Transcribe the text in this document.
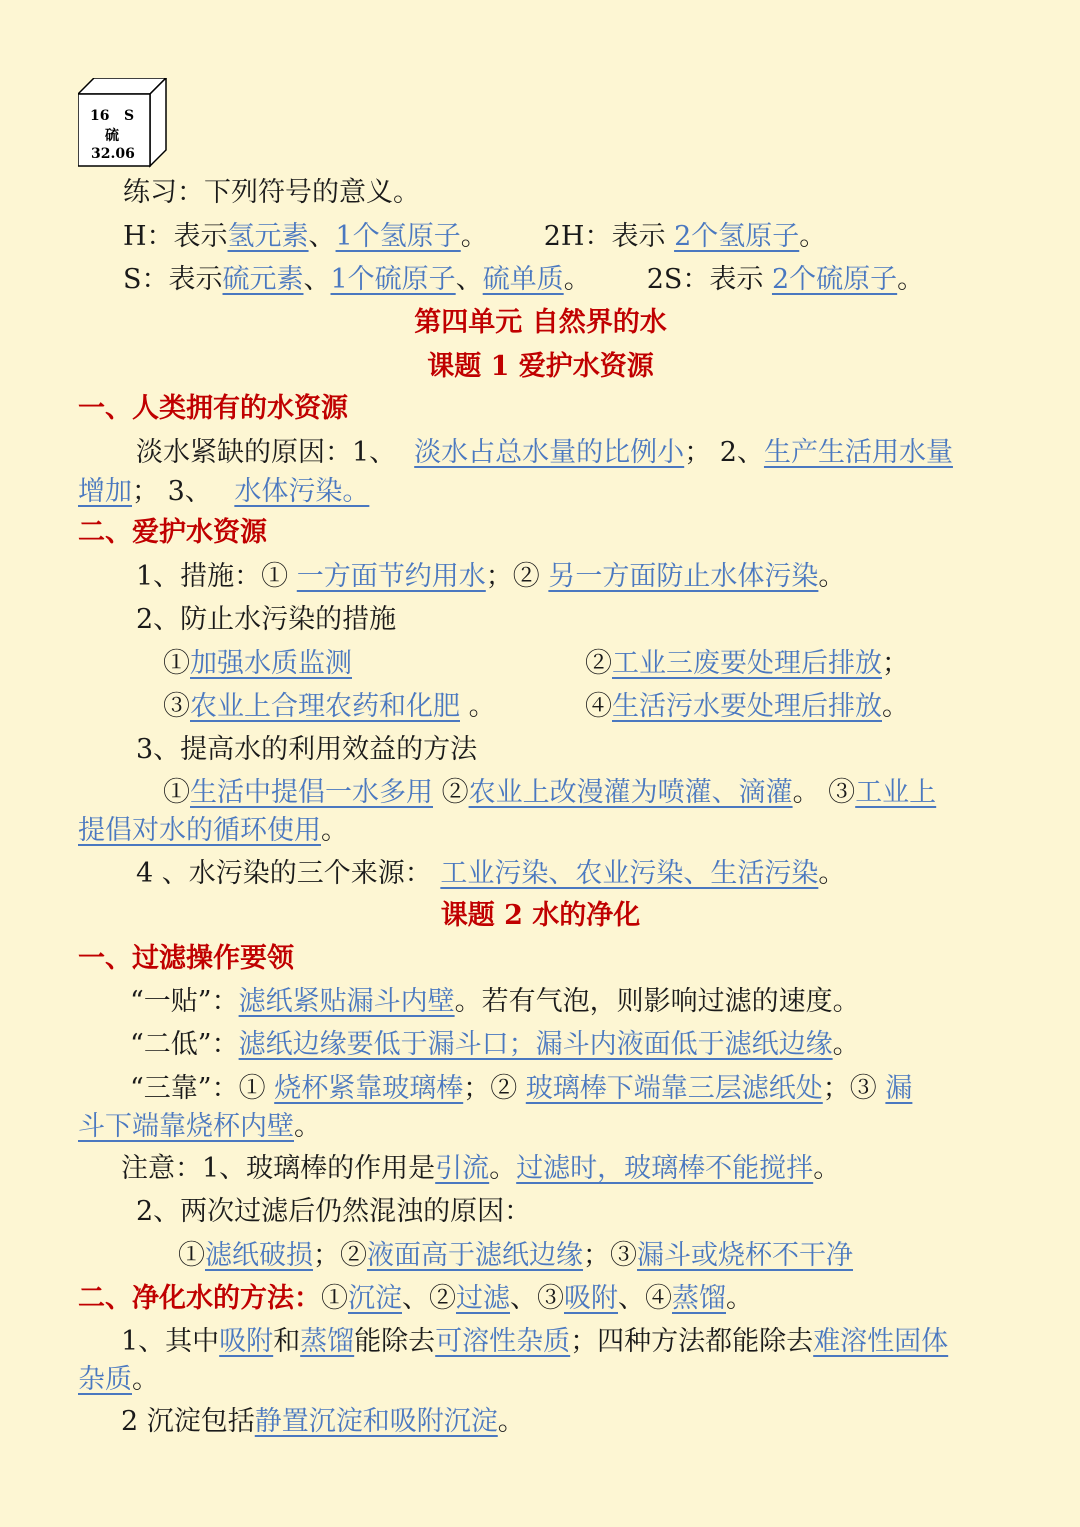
16 S
硫
32.06
练习：下列符号的意义。
H：表示氢元素、1个氢原子。 2H：表示 2个氢原子。
S：表示硫元素、1个硫原子、硫单质。 2S：表示 2个硫原子。
第四单元 自然界的水
课题 1 爱护水资源
一、人类拥有的水资源
淡水紧缺的原因：1、 淡水占总水量的比例小； 2、生产生活用水量
增加； 3、 水体污染。
二、爱护水资源
1、措施：① 一方面节约用水；② 另一方面防止水体污染。
2、防止水污染的措施
①加强水质监测	②工业三废要处理后排放；
③农业上合理农药和化肥 。	④生活污水要处理后排放。
3、提高水的利用效益的方法
①生活中提倡一水多用 ②农业上改漫灌为喷灌、滴灌。 ③工业上
提倡对水的循环使用。
4 、水污染的三个来源： 工业污染、农业污染、生活污染。
课题 2 水的净化
一、过滤操作要领
“一贴”：滤纸紧贴漏斗内壁。若有气泡，则影响过滤的速度。
“二低”：滤纸边缘要低于漏斗口；漏斗内液面低于滤纸边缘。
“三靠”：① 烧杯紧靠玻璃棒；② 玻璃棒下端靠三层滤纸处；③ 漏
斗下端靠烧杯内壁。
注意：1、玻璃棒的作用是引流。过滤时，玻璃棒不能搅拌。
2、两次过滤后仍然混浊的原因：
①滤纸破损；②液面高于滤纸边缘；③漏斗或烧杯不干净
二、净化水的方法：①沉淀、②过滤、③吸附、④蒸馏。
1、其中吸附和蒸馏能除去可溶性杂质；四种方法都能除去难溶性固体
杂质。
2 沉淀包括静置沉淀和吸附沉淀。
